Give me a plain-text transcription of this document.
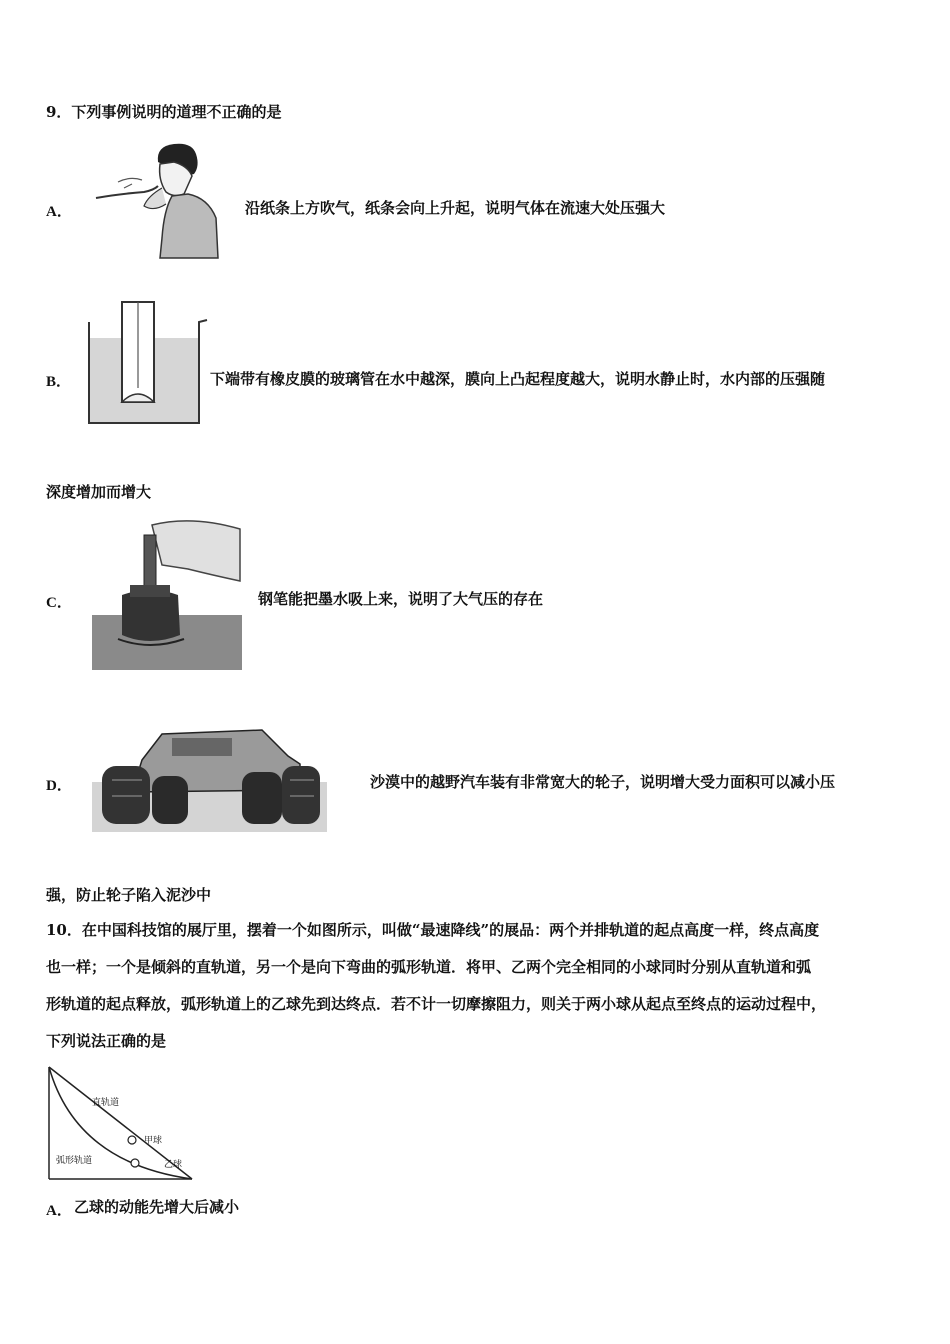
9．下列事例说明的道理不正确的是
A．	沿纸条上方吹气，纸条会向上升起，说明气体在流速大处压强大
B．	下端带有橡皮膜的玻璃管在水中越深，膜向上凸起程度越大，说明水静止时，水内部的压强随
深度增加而增大
C．	钢笔能把墨水吸上来，说明了大气压的存在
D．	沙漠中的越野汽车装有非常宽大的轮子，说明增大受力面积可以减小压
强，防止轮子陷入泥沙中
10．在中国科技馆的展厅里，摆着一个如图所示，叫做“最速降线”的展品：两个并排轨道的起点高度一样，终点高度
也一样；一个是倾斜的直轨道，另一个是向下弯曲的弧形轨道．将甲、乙两个完全相同的小球同时分别从直轨道和弧
形轨道的起点释放，弧形轨道上的乙球先到达终点．若不计一切摩擦阻力，则关于两小球从起点至终点的运动过程中，
下列说法正确的是
直轨道
甲球
弧形轨道	乙球
A． 乙球的动能先增大后减小
